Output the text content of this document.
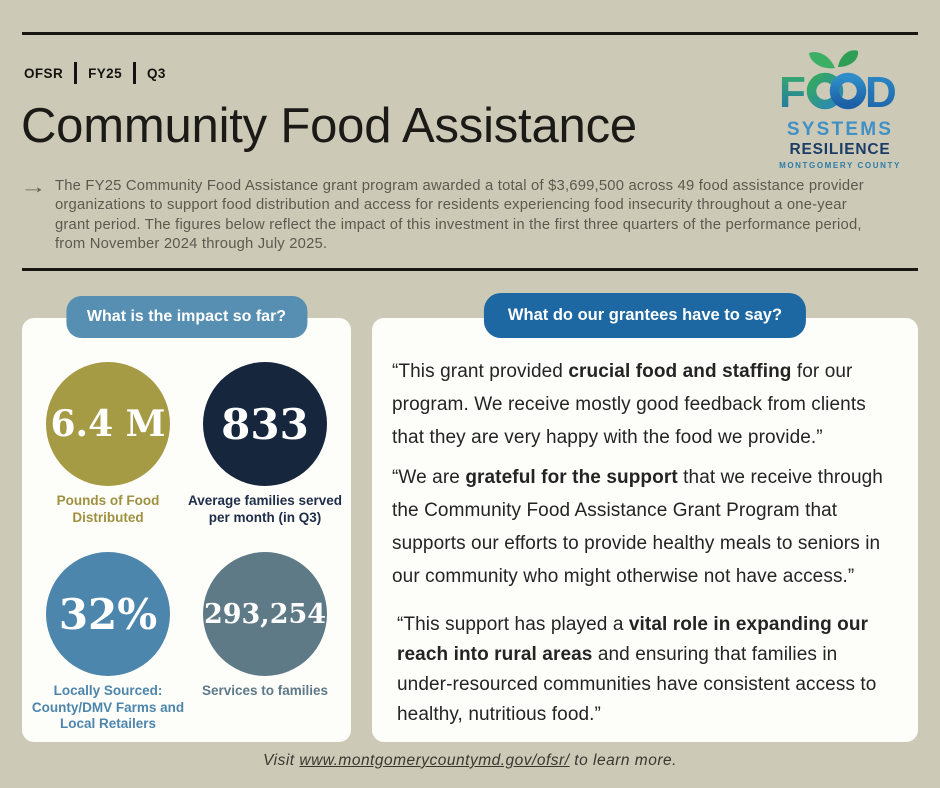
OFSR FY25 Q3
Community Food Assistance
F D
SYSTEMS
RESILIENCE
MONTGOMERY COUNTY
→ The FY25 Community Food Assistance grant program awarded a total of $3,699,500 across 49 food assistance provider organizations to support food distribution and access for residents experiencing food insecurity throughout a one-year grant period. The figures below reflect the impact of this investment in the first three quarters of the performance period, from November 2024 through July 2025.
What is the impact so far?
6.4 M
Pounds of Food Distributed
833
Average families served per month (in Q3)
32%
Locally Sourced: County/DMV Farms and Local Retailers
293,254
Services to families
What do our grantees have to say?

“This grant provided crucial food and staffing for our program. We receive mostly good feedback from clients that they are very happy with the food we provide.”

“We are grateful for the support that we receive through the Community Food Assistance Grant Program that supports our efforts to provide healthy meals to seniors in our community who might otherwise not have access.”

“This support has played a vital role in expanding our reach into rural areas and ensuring that families in under-resourced communities have consistent access to healthy, nutritious food.”

Visit www.montgomerycountymd.gov/ofsr/ to learn more.
